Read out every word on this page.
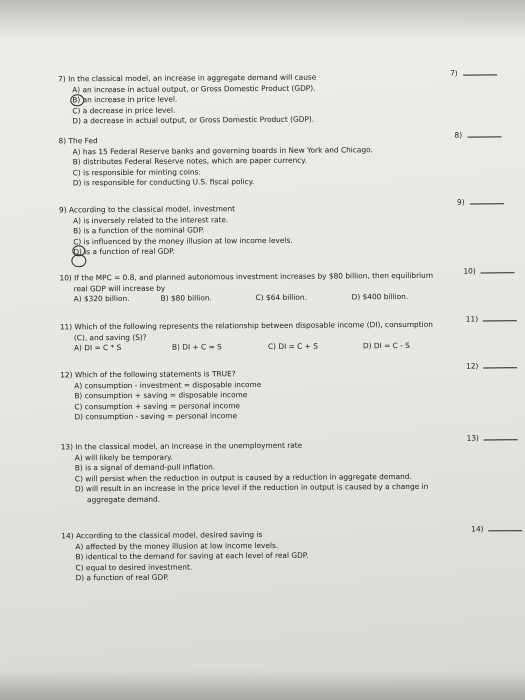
7) In the classical model, an increase in aggregate demand will cause
A) an increase in actual output, or Gross Domestic Product (GDP).
B) an increase in price level.
C) a decrease in price level.
D) a decrease in actual output, or Gross Domestic Product (GDP).
7)
8) The Fed
A) has 15 Federal Reserve banks and governing boards in New York and Chicago.
B) distributes Federal Reserve notes, which are paper currency.
C) is responsible for minting coins.
D) is responsible for conducting U.S. fiscal policy.
8)
9) According to the classical model, investment
A) is inversely related to the interest rate.
B) is a function of the nominal GDP.
C) is influenced by the money illusion at low income levels.
D) is a function of real GDP.
9)
10) If the MPC = 0.8, and planned autonomous investment increases by $80 billion, then equilibrium
real GDP will increase by
A) $320 billion.	B) $80 billion.	C) $64 billion.	D) $400 billion.
10)
11) Which of the following represents the relationship between disposable income (DI), consumption
(C), and saving (S)?
A) DI = C * S	B) DI + C = S	C) DI = C + S	D) DI = C - S
11)
12) Which of the following statements is TRUE?
A) consumption - investment = disposable income
B) consumption + saving = disposable income
C) consumption + saving = personal income
D) consumption - saving = personal income
12)
13) In the classical model, an increase in the unemployment rate
A) will likely be temporary.
B) is a signal of demand-pull inflation.
C) will persist when the reduction in output is caused by a reduction in aggregate demand.
D) will result in an increase in the price level if the reduction in output is caused by a change in
aggregate demand.
13)
14) According to the classical model, desired saving is
A) affected by the money illusion at low income levels.
B) identical to the demand for saving at each level of real GDP.
C) equal to desired investment.
D) a function of real GDP.
14)
